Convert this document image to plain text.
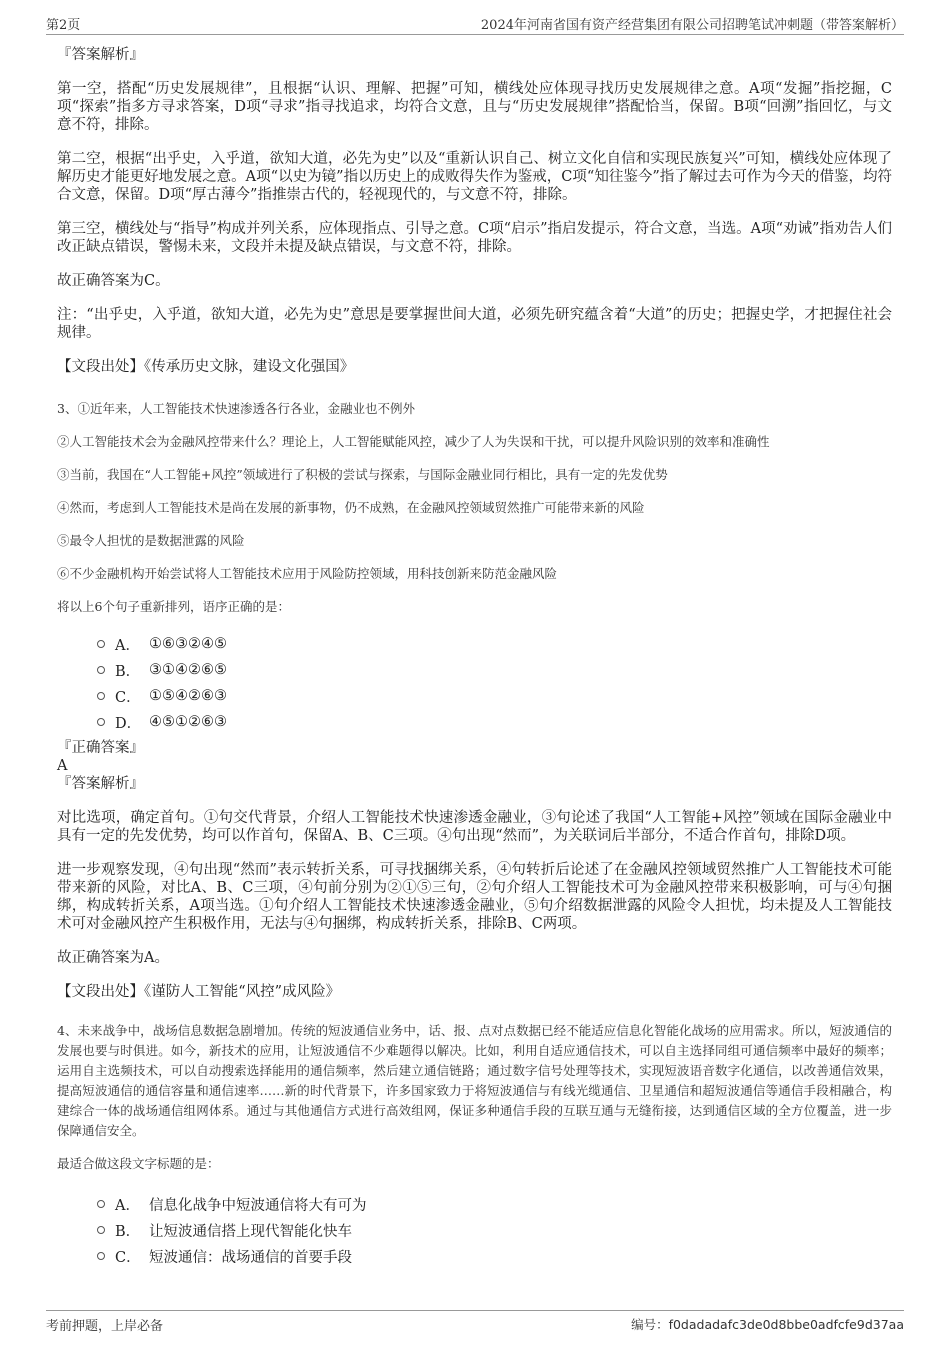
第2页	2024年河南省国有资产经营集团有限公司招聘笔试冲刺题（带答案解析）
『答案解析』

第一空，搭配“历史发展规律”，且根据“认识、理解、把握”可知，横线处应体现寻找历史发展规律之意。A项“发掘”指挖掘，C项“探索”指多方寻求答案，D项“寻求”指寻找追求，均符合文意，且与“历史发展规律”搭配恰当，保留。B项“回溯”指回忆，与文意不符，排除。

第二空，根据“出乎史，入乎道，欲知大道，必先为史”以及“重新认识自己、树立文化自信和实现民族复兴”可知，横线处应体现了解历史才能更好地发展之意。A项“以史为镜”指以历史上的成败得失作为鉴戒，C项“知往鉴今”指了解过去可作为今天的借鉴，均符合文意，保留。D项“厚古薄今”指推崇古代的，轻视现代的，与文意不符，排除。

第三空，横线处与“指导”构成并列关系，应体现指点、引导之意。C项“启示”指启发提示，符合文意，当选。A项“劝诫”指劝告人们改正缺点错误，警惕未来，文段并未提及缺点错误，与文意不符，排除。

故正确答案为C。

注：“出乎史，入乎道，欲知大道，必先为史”意思是要掌握世间大道，必须先研究蕴含着“大道”的历史；把握史学，才把握住社会规律。

【文段出处】《传承历史文脉，建设文化强国》

3、①近年来，人工智能技术快速渗透各行各业，金融业也不例外

②人工智能技术会为金融风控带来什么？理论上，人工智能赋能风控，减少了人为失误和干扰，可以提升风险识别的效率和准确性

③当前，我国在“人工智能+风控”领域进行了积极的尝试与探索，与国际金融业同行相比，具有一定的先发优势

④然而，考虑到人工智能技术是尚在发展的新事物，仍不成熟，在金融风控领域贸然推广可能带来新的风险

⑤最令人担忧的是数据泄露的风险

⑥不少金融机构开始尝试将人工智能技术应用于风险防控领域，用科技创新来防范金融风险

将以上6个句子重新排列，语序正确的是：

A． ①⑥③②④⑤
B． ③①④②⑥⑤
C． ①⑤④②⑥③
D． ④⑤①②⑥③
『正确答案』
A
『答案解析』

对比选项，确定首句。①句交代背景，介绍人工智能技术快速渗透金融业，③句论述了我国“人工智能+风控”领域在国际金融业中具有一定的先发优势，均可以作首句，保留A、B、C三项。④句出现“然而”，为关联词后半部分，不适合作首句，排除D项。

进一步观察发现，④句出现“然而”表示转折关系，可寻找捆绑关系，④句转折后论述了在金融风控领域贸然推广人工智能技术可能带来新的风险，对比A、B、C三项，④句前分别为②①⑤三句，②句介绍人工智能技术可为金融风控带来积极影响，可与④句捆绑，构成转折关系，A项当选。①句介绍人工智能技术快速渗透金融业，⑤句介绍数据泄露的风险令人担忧，均未提及人工智能技术可对金融风控产生积极作用，无法与④句捆绑，构成转折关系，排除B、C两项。

故正确答案为A。

【文段出处】《谨防人工智能“风控”成风险》

4、未来战争中，战场信息数据急剧增加。传统的短波通信业务中，话、报、点对点数据已经不能适应信息化智能化战场的应用需求。所以，短波通信的发展也要与时俱进。如今，新技术的应用，让短波通信不少难题得以解决。比如，利用自适应通信技术，可以自主选择同组可通信频率中最好的频率；运用自主选频技术，可以自动搜索选择能用的通信频率，然后建立通信链路；通过数字信号处理等技术，实现短波语音数字化通信，以改善通信效果，提高短波通信的通信容量和通信速率……新的时代背景下，许多国家致力于将短波通信与有线光缆通信、卫星通信和超短波通信等通信手段相融合，构建综合一体的战场通信组网体系。通过与其他通信方式进行高效组网，保证多种通信手段的互联互通与无缝衔接，达到通信区域的全方位覆盖，进一步保障通信安全。

最适合做这段文字标题的是：

A． 信息化战争中短波通信将大有可为
B． 让短波通信搭上现代智能化快车
C． 短波通信：战场通信的首要手段
考前押题，上岸必备	编号：f0dadadafc3de0d8bbe0adfcfe9d37aa
